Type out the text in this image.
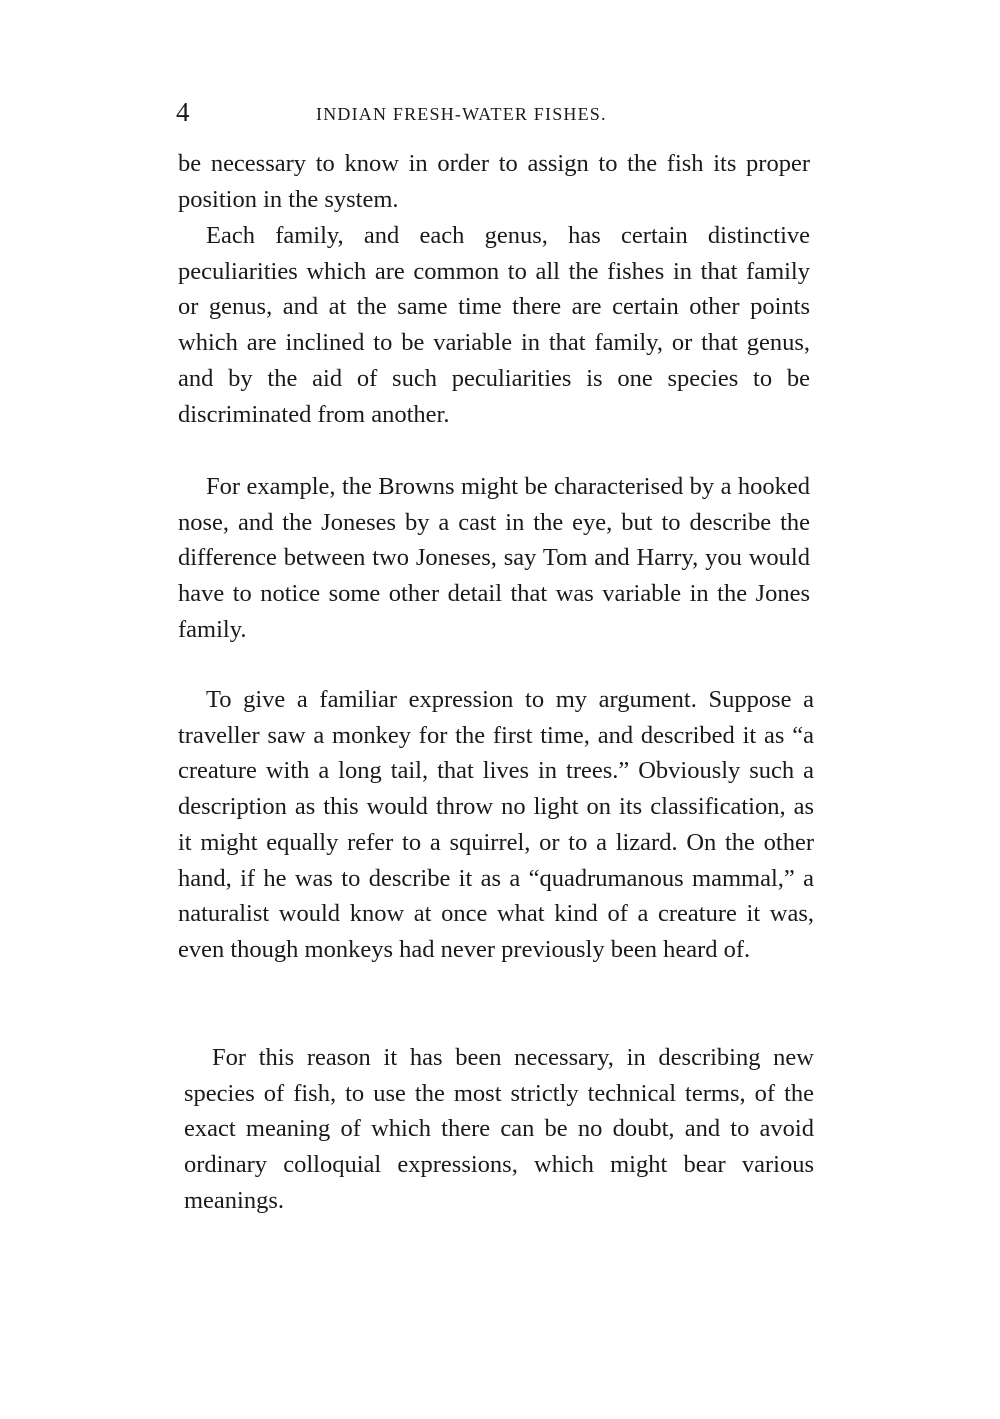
4	INDIAN FRESH-WATER FISHES.

be necessary to know in order to assign to the fish its proper position in the system.

Each family, and each genus, has certain distinctive peculiarities which are common to all the fishes in that family or genus, and at the same time there are certain other points which are inclined to be variable in that family, or that genus, and by the aid of such peculiarities is one species to be discriminated from another.

For example, the Browns might be characterised by a hooked nose, and the Joneses by a cast in the eye, but to describe the difference between two Joneses, say Tom and Harry, you would have to notice some other detail that was variable in the Jones family.

To give a familiar expression to my argument. Suppose a traveller saw a monkey for the first time, and described it as “a creature with a long tail, that lives in trees.” Obviously such a description as this would throw no light on its classification, as it might equally refer to a squirrel, or to a lizard. On the other hand, if he was to describe it as a “quadrumanous mammal,” a naturalist would know at once what kind of a creature it was, even though monkeys had never previously been heard of.

For this reason it has been necessary, in describing new species of fish, to use the most strictly technical terms, of the exact meaning of which there can be no doubt, and to avoid ordinary colloquial expressions, which might bear various meanings.
